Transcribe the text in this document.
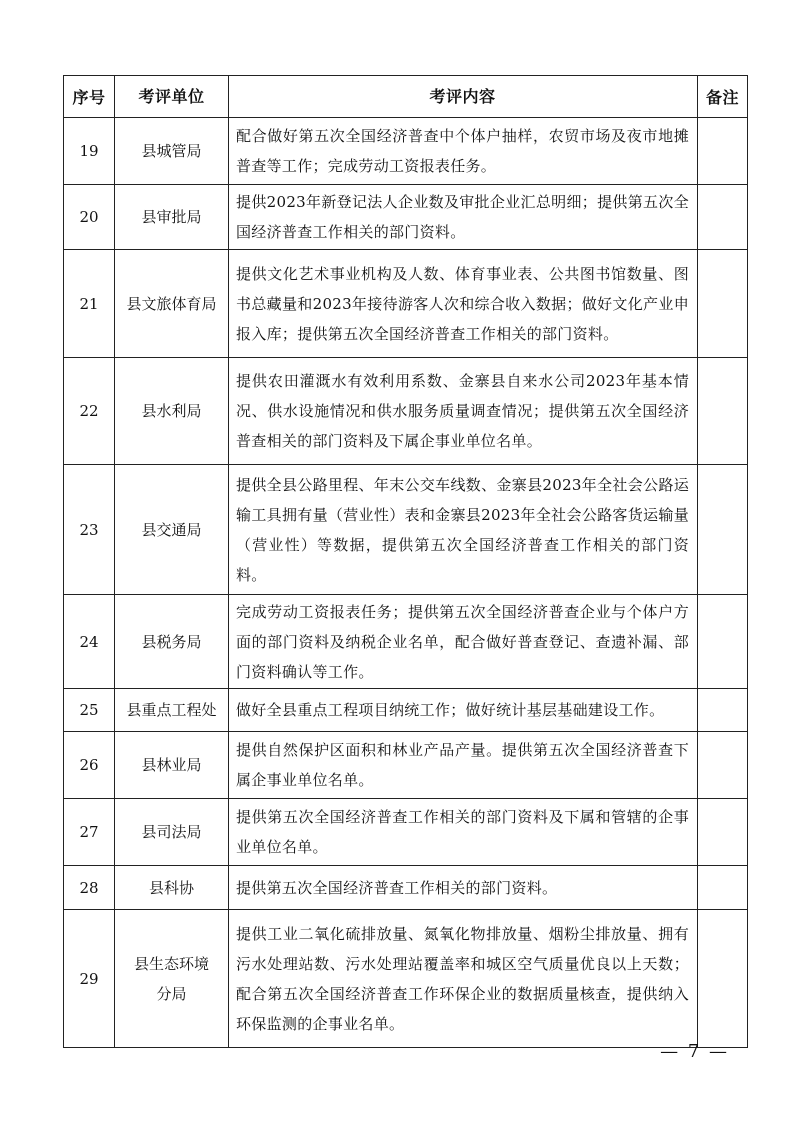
序号	考评单位	考评内容	备注
19	县城管局	配合做好第五次全国经济普查中个体户抽样，农贸市场及夜市地摊普查等工作；完成劳动工资报表任务。	
20	县审批局	提供2023年新登记法人企业数及审批企业汇总明细；提供第五次全国经济普查工作相关的部门资料。	
21	县文旅体育局	提供文化艺术事业机构及人数、体育事业表、公共图书馆数量、图书总藏量和2023年接待游客人次和综合收入数据；做好文化产业申报入库；提供第五次全国经济普查工作相关的部门资料。	
22	县水利局	提供农田灌溉水有效利用系数、金寨县自来水公司2023年基本情况、供水设施情况和供水服务质量调查情况；提供第五次全国经济普查相关的部门资料及下属企事业单位名单。	
23	县交通局	提供全县公路里程、年末公交车线数、金寨县2023年全社会公路运输工具拥有量（营业性）表和金寨县2023年全社会公路客货运输量（营业性）等数据，提供第五次全国经济普查工作相关的部门资料。	
24	县税务局	完成劳动工资报表任务；提供第五次全国经济普查企业与个体户方面的部门资料及纳税企业名单，配合做好普查登记、查遗补漏、部门资料确认等工作。	
25	县重点工程处	做好全县重点工程项目纳统工作；做好统计基层基础建设工作。	
26	县林业局	提供自然保护区面积和林业产品产量。提供第五次全国经济普查下属企事业单位名单。	
27	县司法局	提供第五次全国经济普查工作相关的部门资料及下属和管辖的企事业单位名单。	
28	县科协	提供第五次全国经济普查工作相关的部门资料。	
29	县生态环境分局	提供工业二氧化硫排放量、氮氧化物排放量、烟粉尘排放量、拥有污水处理站数、污水处理站覆盖率和城区空气质量优良以上天数；配合第五次全国经济普查工作环保企业的数据质量核查，提供纳入环保监测的企事业名单。	
— 7 —
